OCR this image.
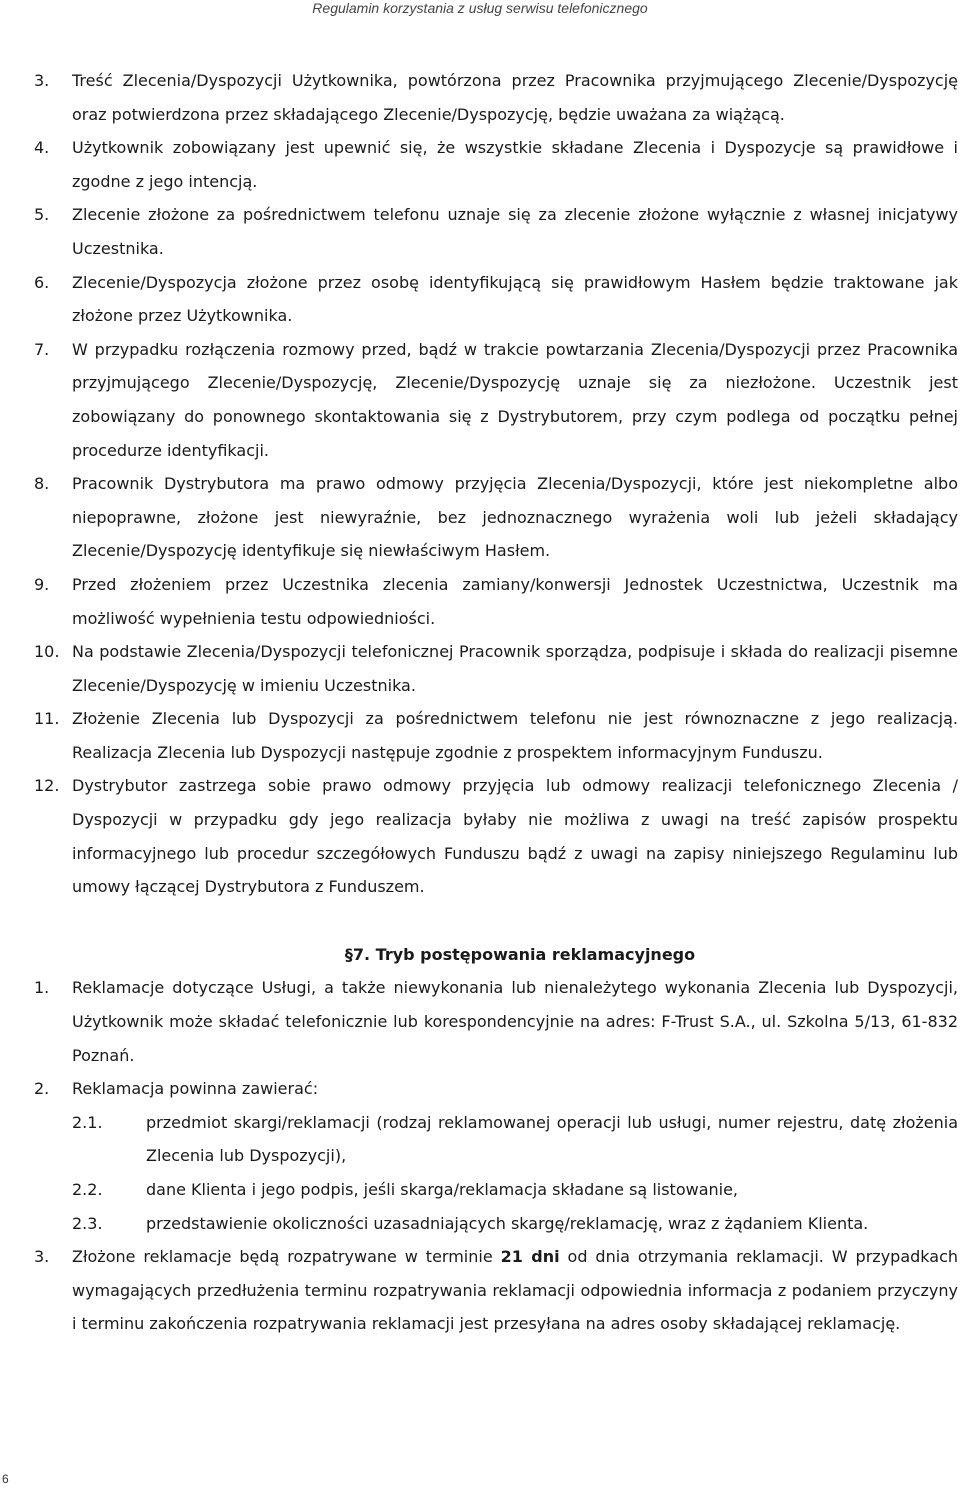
Regulamin korzystania z usług serwisu telefonicznego
3.	Treść Zlecenia/Dyspozycji Użytkownika, powtórzona przez Pracownika przyjmującego Zlecenie/Dyspozycję oraz potwierdzona przez składającego Zlecenie/Dyspozycję, będzie uważana za wiążącą.
4.	Użytkownik zobowiązany jest upewnić się, że wszystkie składane Zlecenia i Dyspozycje są prawidłowe i zgodne z jego intencją.
5.	Zlecenie złożone za pośrednictwem telefonu uznaje się za zlecenie złożone wyłącznie z własnej inicjatywy Uczestnika.
6.	Zlecenie/Dyspozycja złożone przez osobę identyfikującą się prawidłowym Hasłem będzie traktowane jak złożone przez Użytkownika.
7.	W przypadku rozłączenia rozmowy przed, bądź w trakcie powtarzania Zlecenia/Dyspozycji przez Pracownika przyjmującego Zlecenie/Dyspozycję, Zlecenie/Dyspozycję uznaje się za niezłożone. Uczestnik jest zobowiązany do ponownego skontaktowania się z Dystrybutorem, przy czym podlega od początku pełnej procedurze identyfikacji.
8.	Pracownik Dystrybutora ma prawo odmowy przyjęcia Zlecenia/Dyspozycji, które jest niekompletne albo niepoprawne, złożone jest niewyraźnie, bez jednoznacznego wyrażenia woli lub jeżeli składający Zlecenie/Dyspozycję identyfikuje się niewłaściwym Hasłem.
9.	Przed złożeniem przez Uczestnika zlecenia zamiany/konwersji Jednostek Uczestnictwa, Uczestnik ma możliwość wypełnienia testu odpowiedniości.
10. Na podstawie Zlecenia/Dyspozycji telefonicznej Pracownik sporządza, podpisuje i składa do realizacji pisemne Zlecenie/Dyspozycję w imieniu Uczestnika.
11. Złożenie Zlecenia lub Dyspozycji za pośrednictwem telefonu nie jest równoznaczne z jego realizacją. Realizacja Zlecenia lub Dyspozycji następuje zgodnie z prospektem informacyjnym Funduszu.
12. Dystrybutor zastrzega sobie prawo odmowy przyjęcia lub odmowy realizacji telefonicznego Zlecenia / Dyspozycji w przypadku gdy jego realizacja byłaby nie możliwa z uwagi na treść zapisów prospektu informacyjnego lub procedur szczegółowych Funduszu bądź z uwagi na zapisy niniejszego Regulaminu lub umowy łączącej Dystrybutora z Funduszem.
§7. Tryb postępowania reklamacyjnego
1.	Reklamacje dotyczące Usługi, a także niewykonania lub nienależytego wykonania Zlecenia lub Dyspozycji, Użytkownik może składać telefonicznie lub korespondencyjnie na adres: F-Trust S.A., ul. Szkolna 5/13, 61-832 Poznań.
2.	Reklamacja powinna zawierać:
2.1.	przedmiot skargi/reklamacji (rodzaj reklamowanej operacji lub usługi, numer rejestru, datę złożenia Zlecenia lub Dyspozycji),
2.2.	dane Klienta i jego podpis, jeśli skarga/reklamacja składane są listowanie,
2.3.	przedstawienie okoliczności uzasadniających skargę/reklamację, wraz z żądaniem Klienta.
3.	Złożone reklamacje będą rozpatrywane w terminie 21 dni od dnia otrzymania reklamacji. W przypadkach wymagających przedłużenia terminu rozpatrywania reklamacji odpowiednia informacja z podaniem przyczyny i terminu zakończenia rozpatrywania reklamacji jest przesyłana na adres osoby składającej reklamację.
6
